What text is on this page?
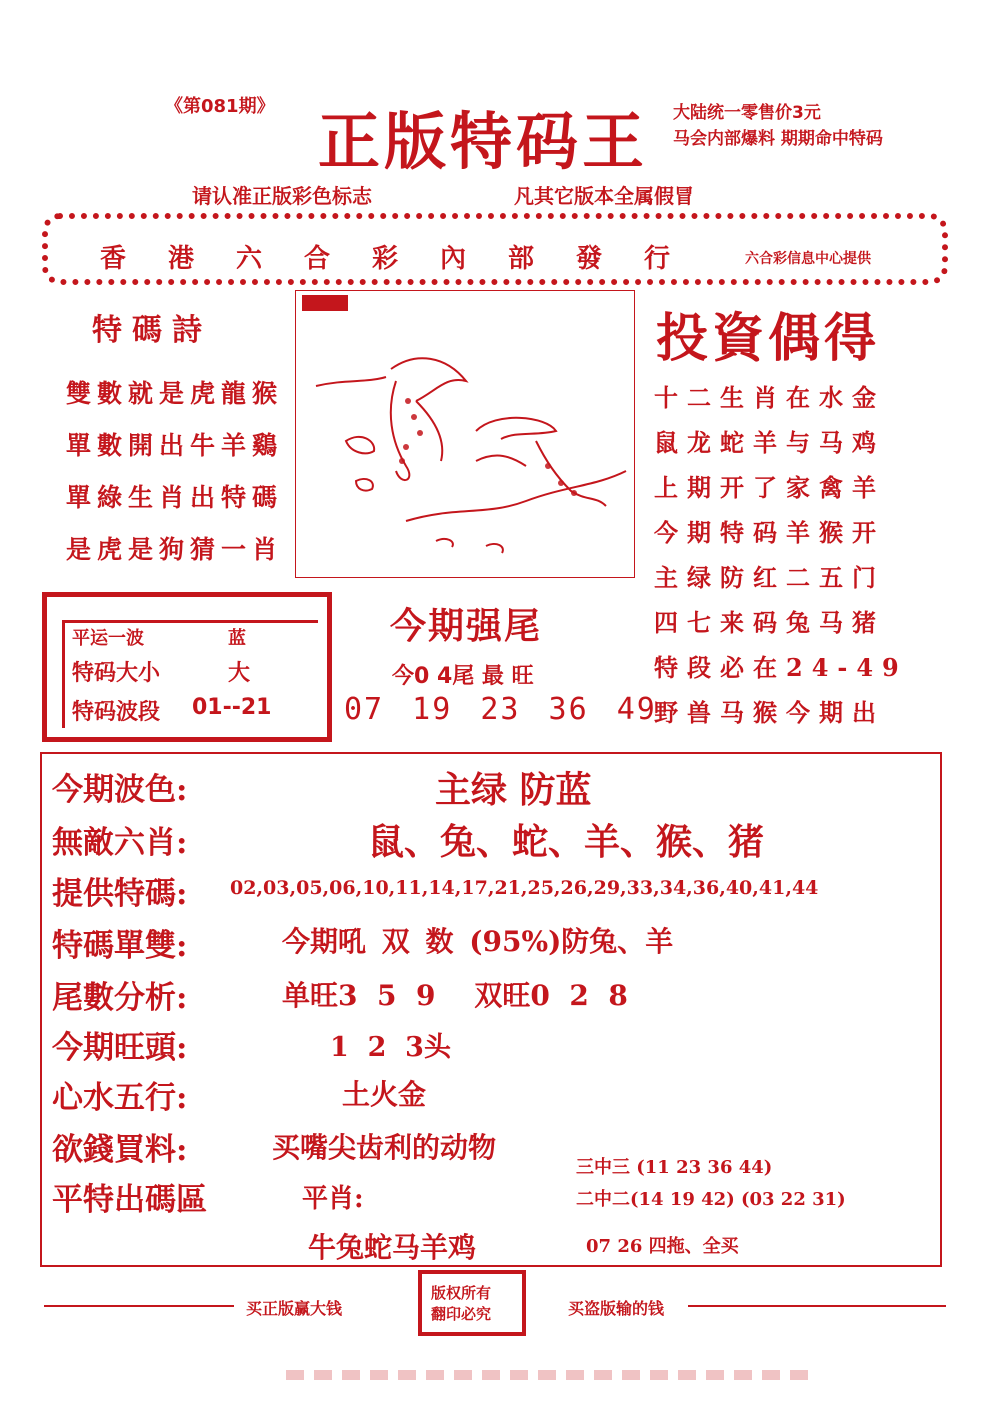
《第081期》 正版特码王 大陆统一零售价3元
马会内部爆料 期期命中特码
请认准正版彩色标志	凡其它版本全属假冒
香港六合彩內部發行 六合彩信息中心提供
特碼詩
雙數就是虎龍猴
單數開出牛羊鷄
單綠生肖出特碼
是虎是狗猜一肖
投資偶得
十二生肖在水金
鼠龙蛇羊与马鸡
上期开了家禽羊
今期特码羊猴开
主绿防红二五门
四七来码兔马猪
特段必在24-49
野兽马猴今期出
平运一波	蓝
特码大小	大
特码波段 01--21
今期强尾
今0 4尾 最 旺
07 19 23 36 49
今期波色:	主绿 防蓝
無敵六肖:	鼠、兔、蛇、羊、猴、猪
提供特碼: 02,03,05,06,10,11,14,17,21,25,26,29,33,34,36,40,41,44
特碼單雙:	今期吼 双 数 (95%)防兔、羊
尾數分析:	单旺3  5  9    双旺0  2  8
今期旺頭:	1  2  3头
心水五行:	土火金
欲錢買料:	买嘴尖齿利的动物
平特出碼區	平肖:
三中三 (11 23 36 44)
二中二(14 19 42) (03 22 31)
牛兔蛇马羊鸡	07 26 四拖、全买
买正版赢大钱
版权所有
翻印必究	买盗版输的钱
